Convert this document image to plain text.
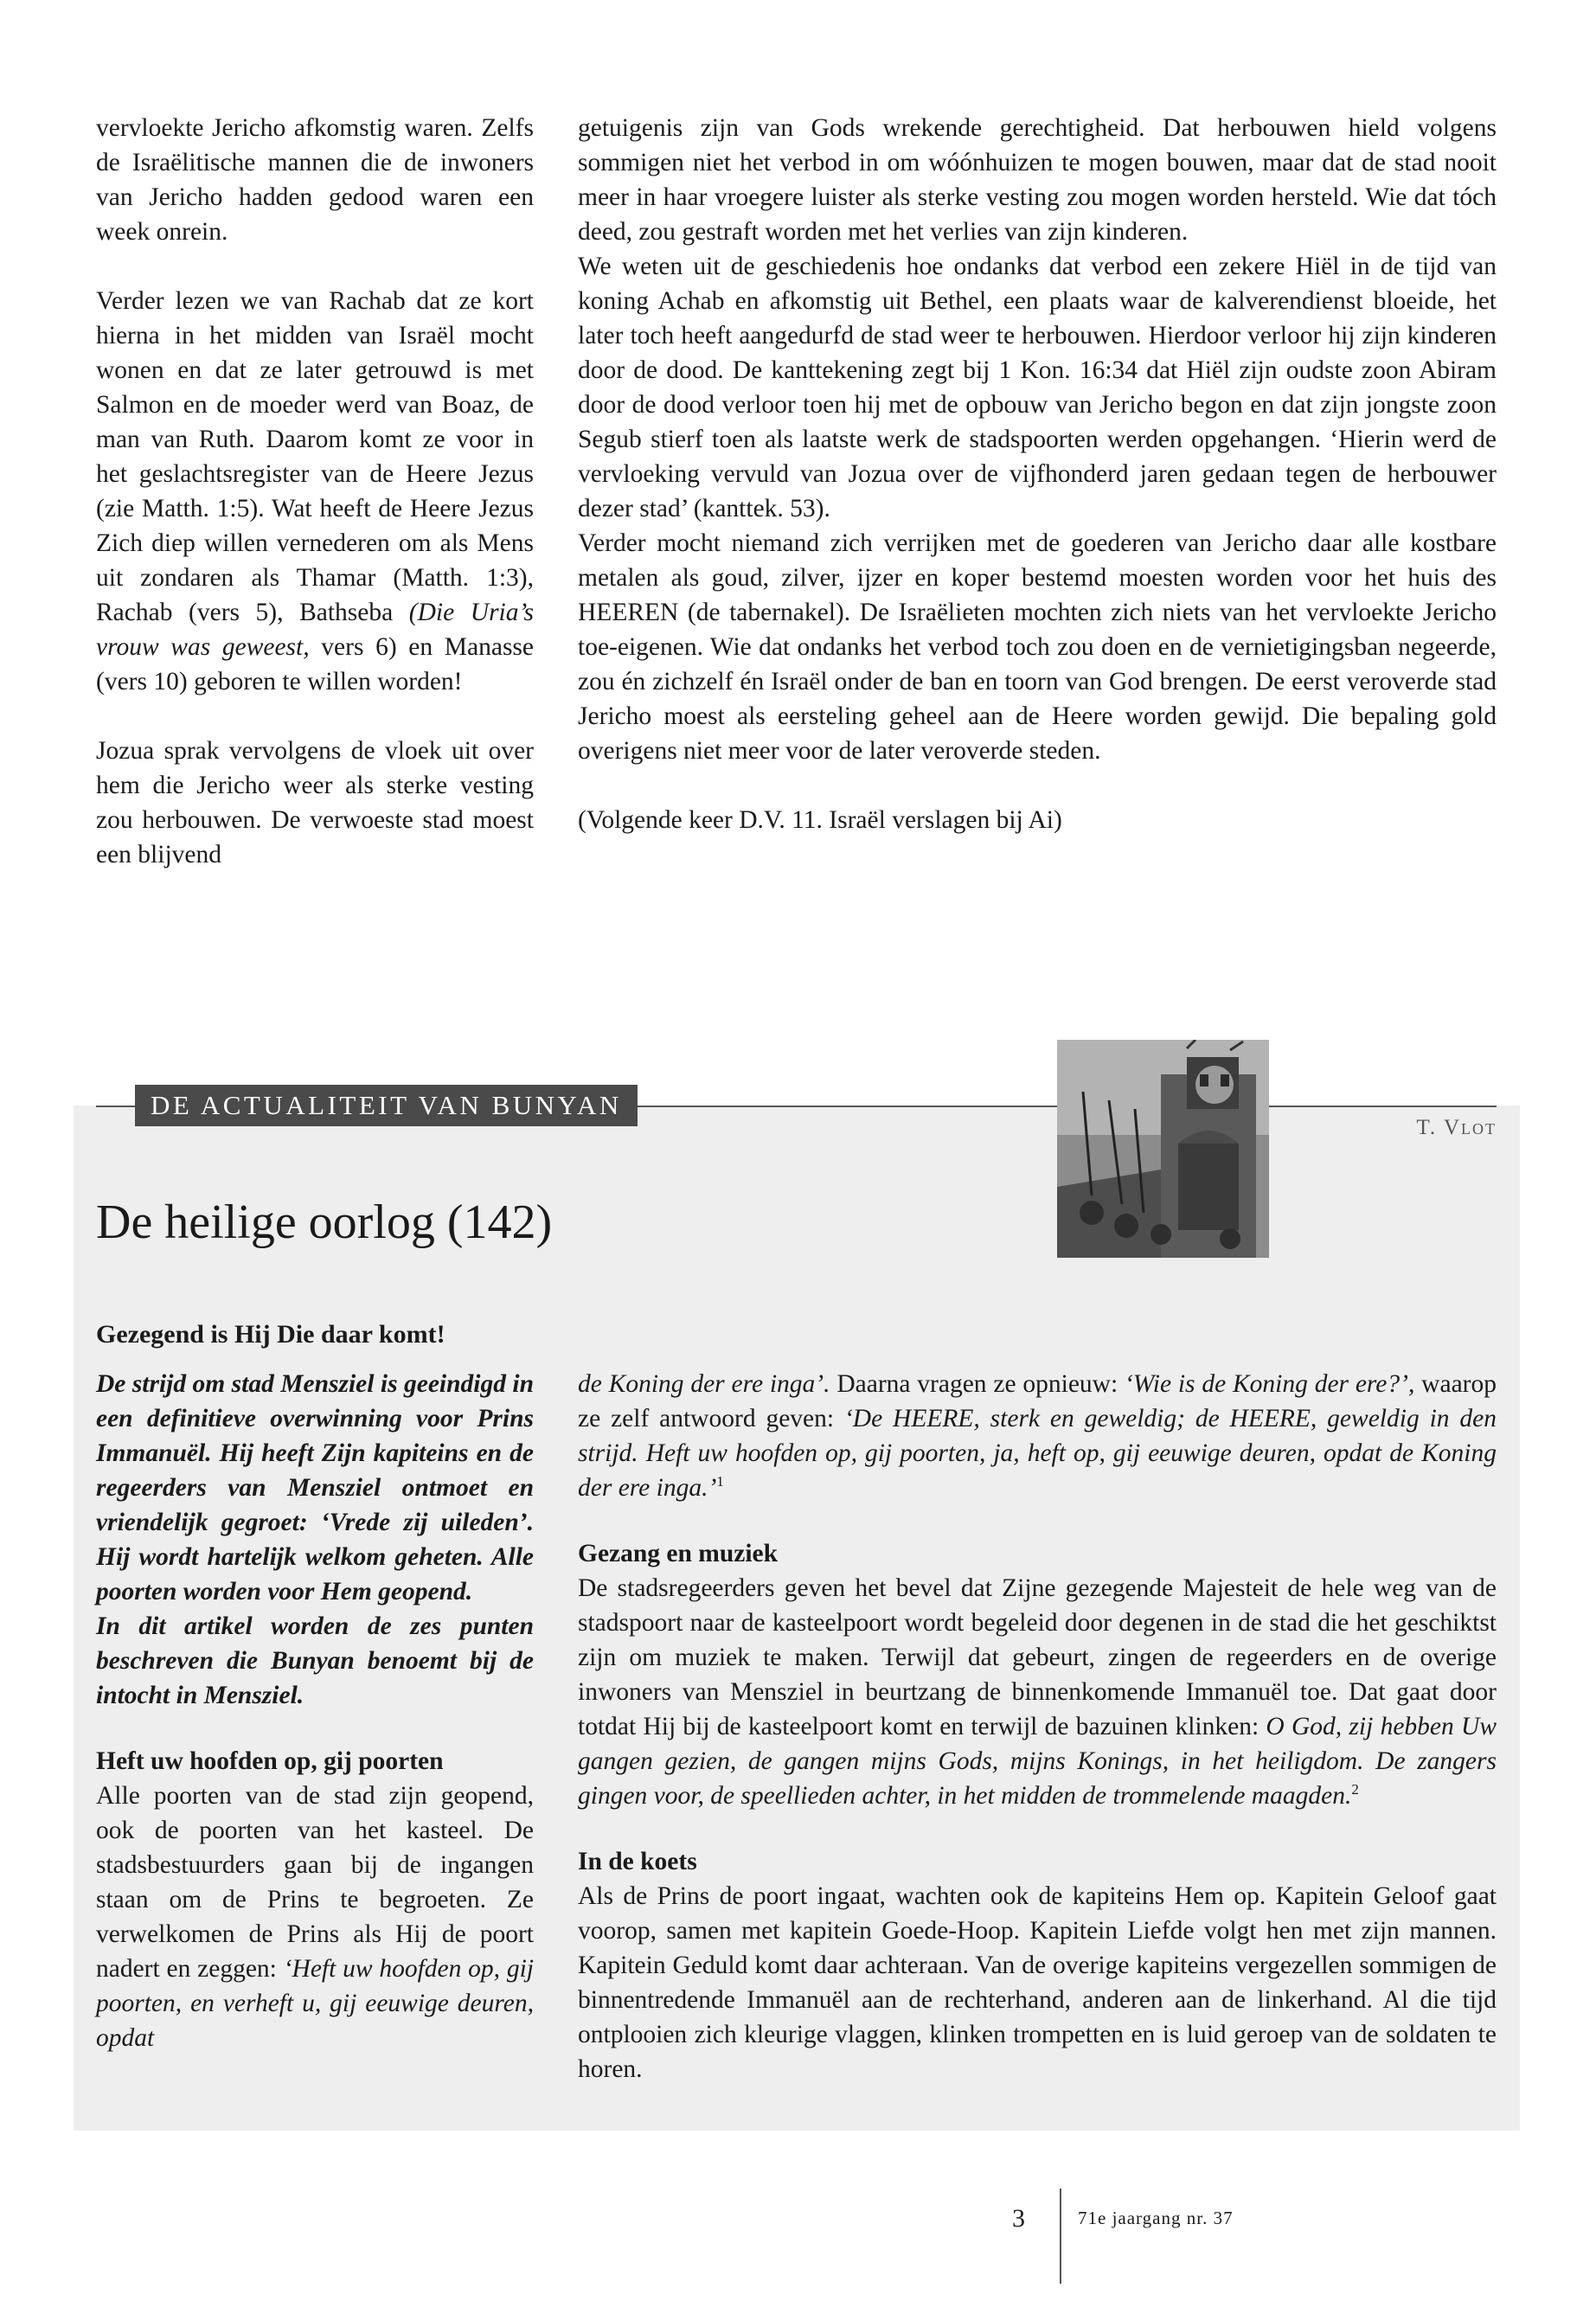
vervloekte Jericho afkomstig waren. Zelfs de Israëlitische mannen die de inwoners van Jericho hadden gedood waren een week onrein.

Verder lezen we van Rachab dat ze kort hierna in het midden van Israël mocht wonen en dat ze later getrouwd is met Salmon en de moeder werd van Boaz, de man van Ruth. Daarom komt ze voor in het geslachtsregister van de Heere Jezus (zie Matth. 1:5). Wat heeft de Heere Jezus Zich diep willen vernederen om als Mens uit zondaren als Thamar (Matth. 1:3), Rachab (vers 5), Bathseba (Die Uria’s vrouw was geweest, vers 6) en Manasse (vers 10) geboren te willen worden!

Jozua sprak vervolgens de vloek uit over hem die Jericho weer als sterke vesting zou herbouwen. De verwoeste stad moest een blijvend

getuigenis zijn van Gods wrekende gerechtigheid. Dat herbouwen hield volgens sommigen niet het verbod in om wóónhuizen te mogen bouwen, maar dat de stad nooit meer in haar vroegere luister als sterke vesting zou mogen worden hersteld. Wie dat tóch deed, zou gestraft worden met het verlies van zijn kinderen.

We weten uit de geschiedenis hoe ondanks dat verbod een zekere Hiël in de tijd van koning Achab en afkomstig uit Bethel, een plaats waar de kalverendienst bloeide, het later toch heeft aangedurfd de stad weer te herbouwen. Hierdoor verloor hij zijn kinderen door de dood. De kanttekening zegt bij 1 Kon. 16:34 dat Hiël zijn oudste zoon Abiram door de dood verloor toen hij met de opbouw van Jericho begon en dat zijn jongste zoon Segub stierf toen als laatste werk de stadspoorten werden opgehangen. ‘Hierin werd de vervloeking vervuld van Jozua over de vijfhonderd jaren gedaan tegen de herbouwer dezer stad’ (kanttek. 53).

Verder mocht niemand zich verrijken met de goederen van Jericho daar alle kostbare metalen als goud, zilver, ijzer en koper bestemd moesten worden voor het huis des HEEREN (de tabernakel). De Israëlieten mochten zich niets van het vervloekte Jericho toe-eigenen. Wie dat ondanks het verbod toch zou doen en de vernietigingsban negeerde, zou én zichzelf én Israël onder de ban en toorn van God brengen. De eerst veroverde stad Jericho moest als eersteling geheel aan de Heere worden gewijd. Die bepaling gold overigens niet meer voor de later veroverde steden.

(Volgende keer D.V. 11. Israël verslagen bij Ai)

DE ACTUALITEIT VAN BUNYAN
T. Vlot
De heilige oorlog (142)
Gezegend is Hij Die daar komt!

De strijd om stad Mensziel is geeindigd in een definitieve overwinning voor Prins Immanuël. Hij heeft Zijn kapiteins en de regeerders van Mensziel ontmoet en vriendelijk gegroet: ‘Vrede zij uileden’. Hij wordt hartelijk welkom geheten. Alle poorten worden voor Hem geopend.

In dit artikel worden de zes punten beschreven die Bunyan benoemt bij de intocht in Mensziel.

Heft uw hoofden op, gij poorten

Alle poorten van de stad zijn geopend, ook de poorten van het kasteel. De stadsbestuurders gaan bij de ingangen staan om de Prins te begroeten. Ze verwelkomen de Prins als Hij de poort nadert en zeggen: ‘Heft uw hoofden op, gij poorten, en verheft u, gij eeuwige deuren, opdat

de Koning der ere inga’. Daarna vragen ze opnieuw: ‘Wie is de Koning der ere?’, waarop ze zelf antwoord geven: ‘De HEERE, sterk en geweldig; de HEERE, geweldig in den strijd. Heft uw hoofden op, gij poorten, ja, heft op, gij eeuwige deuren, opdat de Koning der ere inga.’$^1$

Gezang en muziek

De stadsregeerders geven het bevel dat Zijne gezegende Majesteit de hele weg van de stadspoort naar de kasteelpoort wordt begeleid door degenen in de stad die het geschiktst zijn om muziek te maken. Terwijl dat gebeurt, zingen de regeerders en de overige inwoners van Mensziel in beurtzang de binnenkomende Immanuël toe. Dat gaat door totdat Hij bij de kasteelpoort komt en terwijl de bazuinen klinken: O God, zij hebben Uw gangen gezien, de gangen mijns Gods, mijns Konings, in het heiligdom. De zangers gingen voor, de speellieden achter, in het midden de trommelende maagden.$^2$

In de koets

Als de Prins de poort ingaat, wachten ook de kapiteins Hem op. Kapitein Geloof gaat voorop, samen met kapitein Goede-Hoop. Kapitein Liefde volgt hen met zijn mannen. Kapitein Geduld komt daar achteraan. Van de overige kapiteins vergezellen sommigen de binnentredende Immanuël aan de rechterhand, anderen aan de linkerhand. Al die tijd ontplooien zich kleurige vlaggen, klinken trompetten en is luid geroep van de soldaten te horen.

3	71e jaargang nr. 37
